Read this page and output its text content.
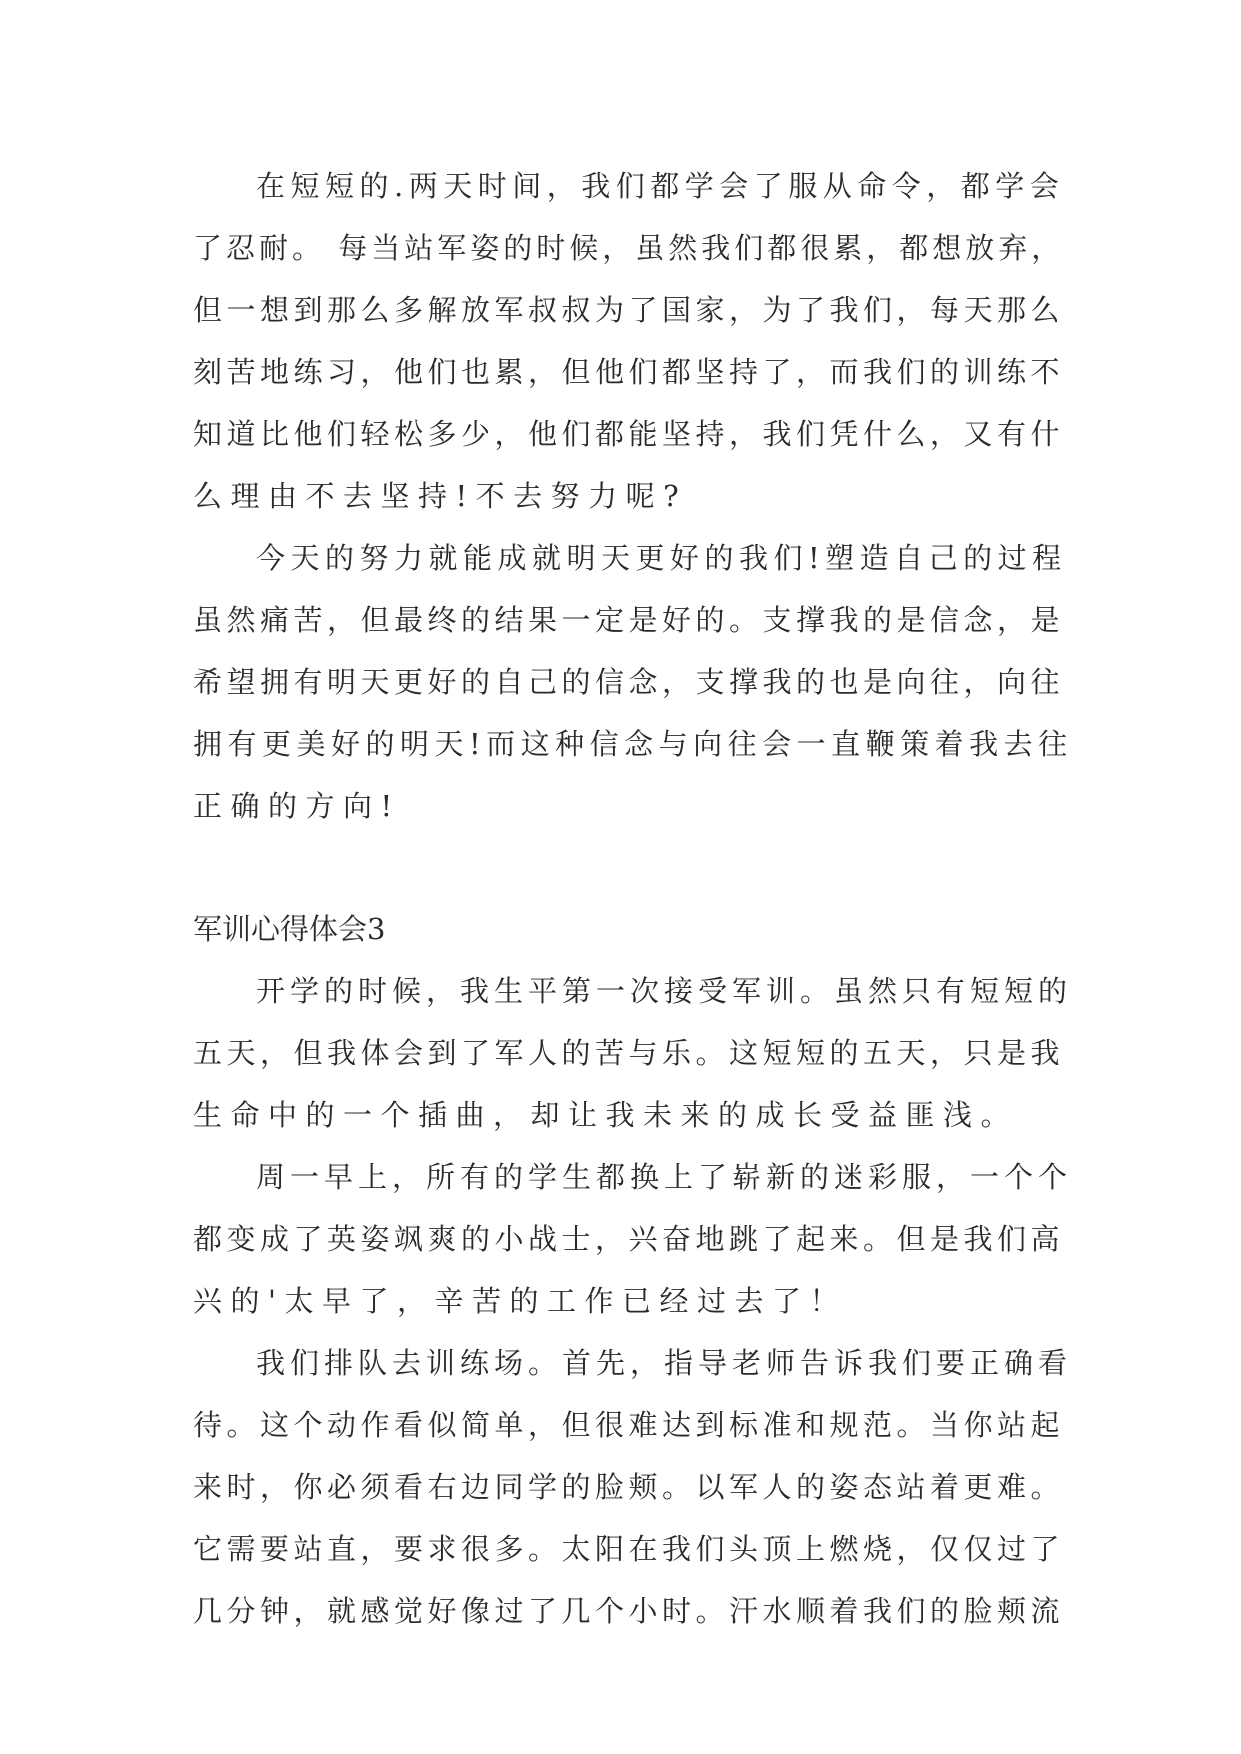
在短短的.两天时间，我们都学会了服从命令，都学会

了忍耐。 每当站军姿的时候，虽然我们都很累，都想放弃，

但一想到那么多解放军叔叔为了国家，为了我们，每天那么

刻苦地练习，他们也累，但他们都坚持了，而我们的训练不

知道比他们轻松多少，他们都能坚持，我们凭什么，又有什

么理由不去坚持!不去努力呢?

今天的努力就能成就明天更好的我们!塑造自己的过程

虽然痛苦，但最终的结果一定是好的。支撑我的是信念，是

希望拥有明天更好的自己的信念，支撑我的也是向往，向往

拥有更美好的明天!而这种信念与向往会一直鞭策着我去往

正确的方向!

军训心得体会3

开学的时候，我生平第一次接受军训。虽然只有短短的

五天，但我体会到了军人的苦与乐。这短短的五天，只是我

生命中的一个插曲，却让我未来的成长受益匪浅。

周一早上，所有的学生都换上了崭新的迷彩服，一个个

都变成了英姿飒爽的小战士，兴奋地跳了起来。但是我们高

兴的'太早了，辛苦的工作已经过去了！

我们排队去训练场。首先，指导老师告诉我们要正确看

待。这个动作看似简单，但很难达到标准和规范。当你站起

来时，你必须看右边同学的脸颊。以军人的姿态站着更难。

它需要站直，要求很多。太阳在我们头顶上燃烧，仅仅过了

几分钟，就感觉好像过了几个小时。汗水顺着我们的脸颊流
